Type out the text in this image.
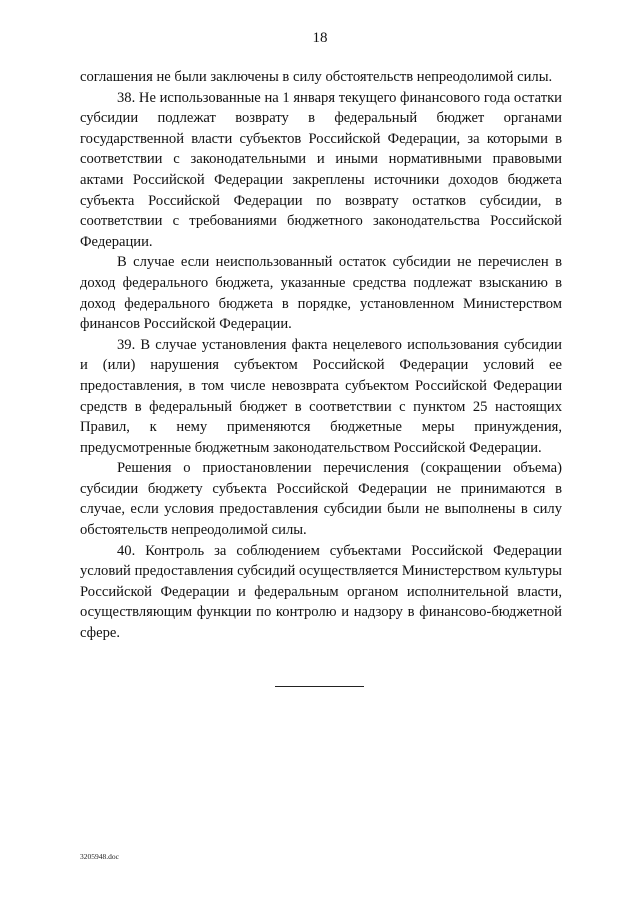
18

соглашения не были заключены в силу обстоятельств непреодолимой силы.

38. Не использованные на 1 января текущего финансового года остатки субсидии подлежат возврату в федеральный бюджет органами государственной власти субъектов Российской Федерации, за которыми в соответствии с законодательными и иными нормативными правовыми актами Российской Федерации закреплены источники доходов бюджета субъекта Российской Федерации по возврату остатков субсидии, в соответствии с требованиями бюджетного законодательства Российской Федерации.

В случае если неиспользованный остаток субсидии не перечислен в доход федерального бюджета, указанные средства подлежат взысканию в доход федерального бюджета в порядке, установленном Министерством финансов Российской Федерации.

39. В случае установления факта нецелевого использования субсидии и (или) нарушения субъектом Российской Федерации условий ее предоставления, в том числе невозврата субъектом Российской Федерации средств в федеральный бюджет в соответствии с пунктом 25 настоящих Правил, к нему применяются бюджетные меры принуждения, предусмотренные бюджетным законодательством Российской Федерации.

Решения о приостановлении перечисления (сокращении объема) субсидии бюджету субъекта Российской Федерации не принимаются в случае, если условия предоставления субсидии были не выполнены в силу обстоятельств непреодолимой силы.

40. Контроль за соблюдением субъектами Российской Федерации условий предоставления субсидий осуществляется Министерством культуры Российской Федерации и федеральным органом исполнительной власти, осуществляющим функции по контролю и надзору в финансово-бюджетной сфере.

3205948.doc
